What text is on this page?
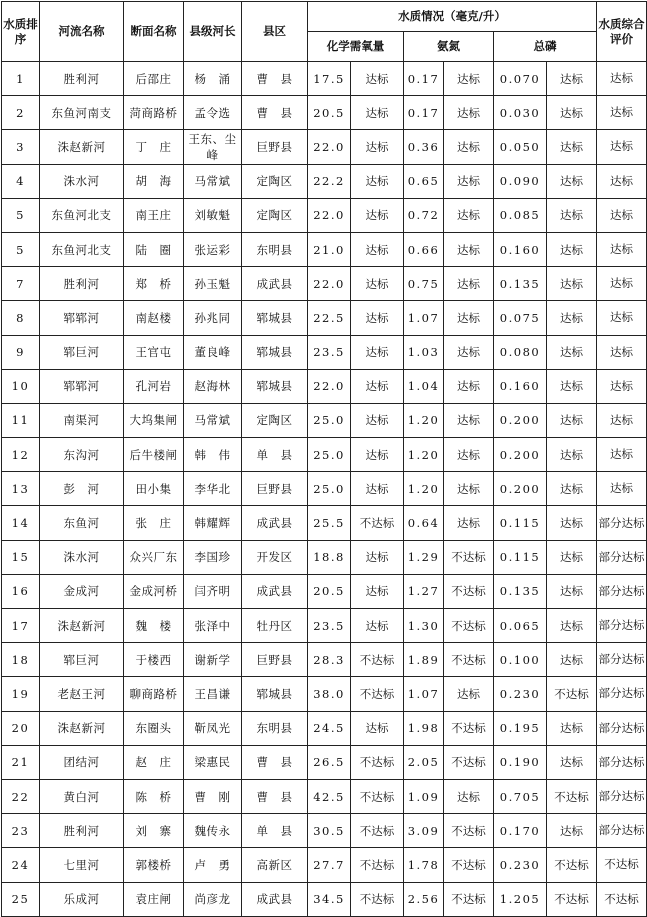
水质排序	河流名称	断面名称	县级河长	县区	水质情况（毫克/升）						水质综合评价
					化学需氧量		氨氮		总磷		
1	胜利河	后邵庄	杨　涌	曹　县	17.5	达标	0.17	达标	0.070	达标	达标
2	东鱼河南支	菏商路桥	孟令选	曹　县	20.5	达标	0.17	达标	0.030	达标	达标
3	洙赵新河	丁　庄	王东、尘峰	巨野县	22.0	达标	0.36	达标	0.050	达标	达标
4	洙水河	胡　海	马常斌	定陶区	22.2	达标	0.65	达标	0.090	达标	达标
5	东鱼河北支	南王庄	刘敏魁	定陶区	22.0	达标	0.72	达标	0.085	达标	达标
5	东鱼河北支	陆　圈	张运彩	东明县	21.0	达标	0.66	达标	0.160	达标	达标
7	胜利河	郑　桥	孙玉魁	成武县	22.0	达标	0.75	达标	0.135	达标	达标
8	郓郓河	南赵楼	孙兆同	郓城县	22.5	达标	1.07	达标	0.075	达标	达标
9	郓巨河	王官屯	董良峰	郓城县	23.5	达标	1.03	达标	0.080	达标	达标
10	郓郓河	孔河岩	赵海林	郓城县	22.0	达标	1.04	达标	0.160	达标	达标
11	南渠河	大坞集闸	马常斌	定陶区	25.0	达标	1.20	达标	0.200	达标	达标
12	东沟河	后牛楼闸	韩　伟	单　县	25.0	达标	1.20	达标	0.200	达标	达标
13	彭　河	田小集	李华北	巨野县	25.0	达标	1.20	达标	0.200	达标	达标
14	东鱼河	张　庄	韩耀辉	成武县	25.5	不达标	0.64	达标	0.115	达标	部分达标
15	洙水河	众兴厂东	李国珍	开发区	18.8	达标	1.29	不达标	0.115	达标	部分达标
16	金成河	金成河桥	闫齐明	成武县	20.5	达标	1.27	不达标	0.135	达标	部分达标
17	洙赵新河	魏　楼	张泽中	牡丹区	23.5	达标	1.30	不达标	0.065	达标	部分达标
18	郓巨河	于楼西	谢新学	巨野县	28.3	不达标	1.89	不达标	0.100	达标	部分达标
19	老赵王河	聊商路桥	王昌谦	郓城县	38.0	不达标	1.07	达标	0.230	不达标	部分达标
20	洙赵新河	东圈头	靳凤光	东明县	24.5	达标	1.98	不达标	0.195	达标	部分达标
21	团结河	赵　庄	梁惠民	曹　县	26.5	不达标	2.05	不达标	0.190	达标	部分达标
22	黄白河	陈　桥	曹　刚	曹　县	42.5	不达标	1.09	达标	0.705	不达标	部分达标
23	胜利河	刘　寨	魏传永	单　县	30.5	不达标	3.09	不达标	0.170	达标	部分达标
24	七里河	郭楼桥	卢　勇	高新区	27.7	不达标	1.78	不达标	0.230	不达标	不达标
25	乐成河	袁庄闸	尚彦龙	成武县	34.5	不达标	2.56	不达标	1.205	不达标	不达标
